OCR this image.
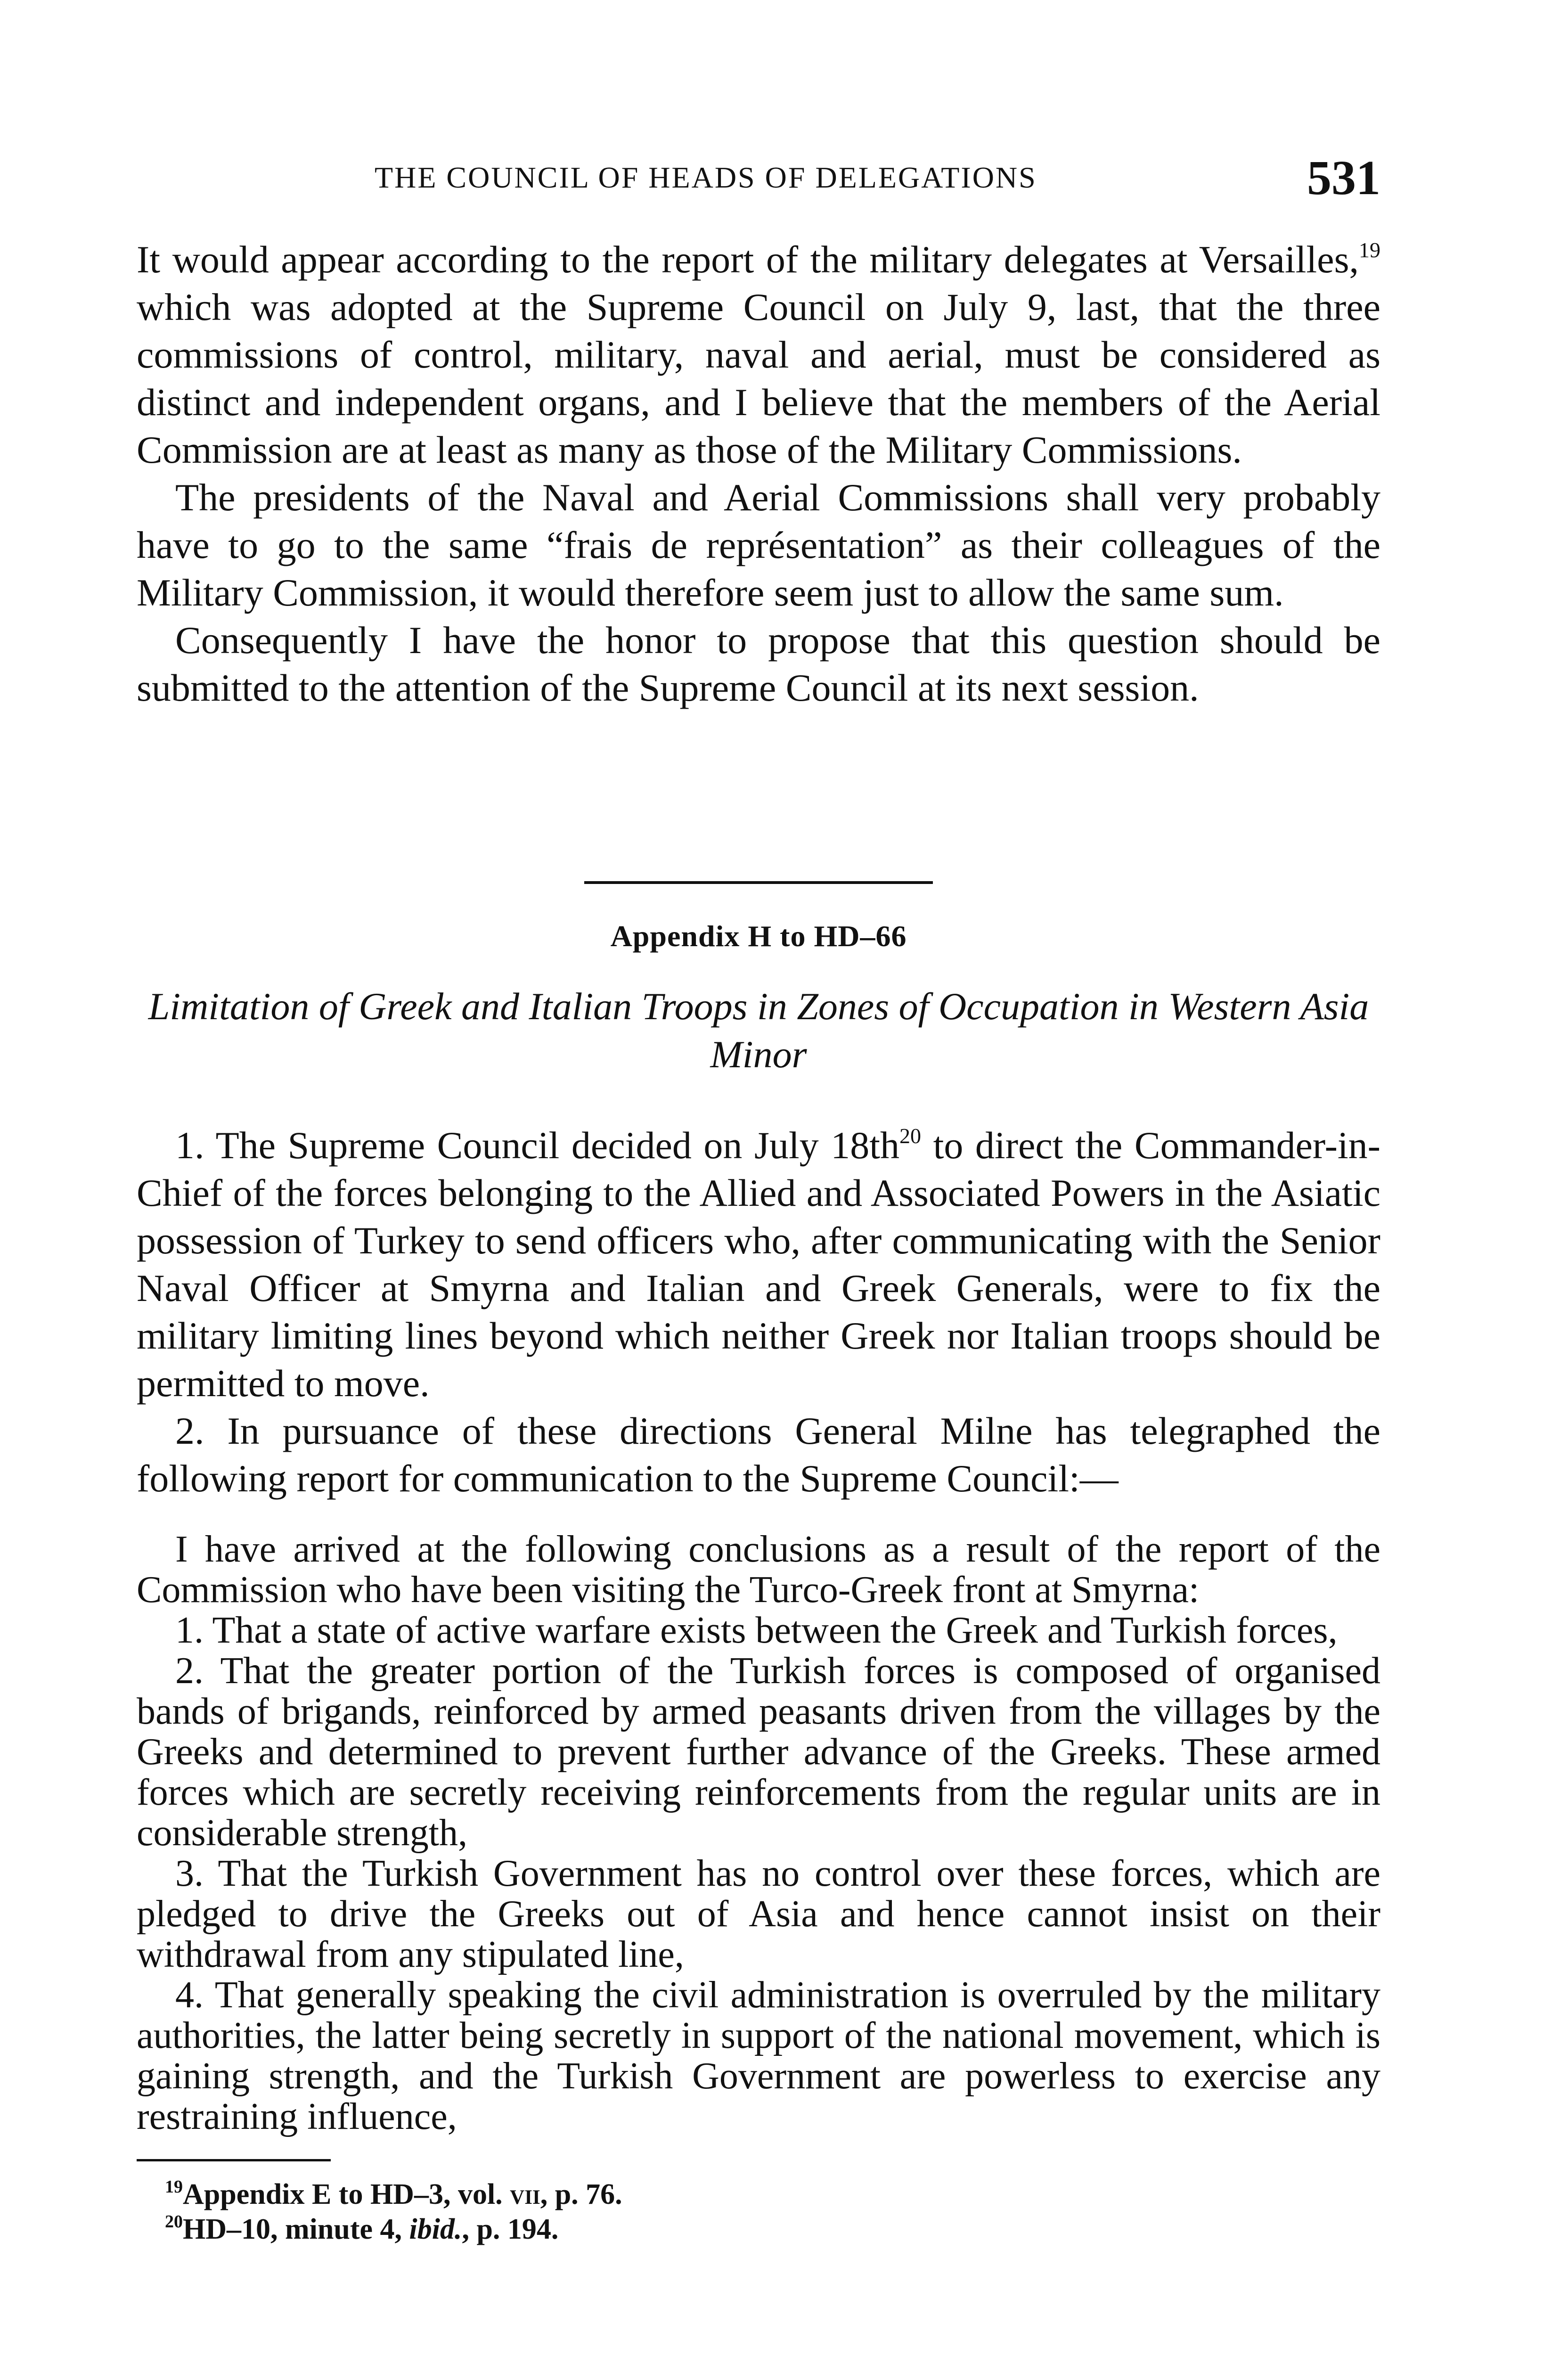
THE COUNCIL OF HEADS OF DELEGATIONS	531

It would appear according to the report of the military delegates at Versailles,$^{19}$ which was adopted at the Supreme Council on July 9, last, that the three commissions of control, military, naval and aerial, must be considered as distinct and independent organs, and I believe that the members of the Aerial Commission are at least as many as those of the Military Commissions.

The presidents of the Naval and Aerial Commissions shall very probably have to go to the same “frais de représentation” as their colleagues of the Military Commission, it would therefore seem just to allow the same sum.

Consequently I have the honor to propose that this question should be submitted to the attention of the Supreme Council at its next session.

Appendix H to HD–66
Limitation of Greek and Italian Troops in Zones of Occupation in Western Asia Minor

1. The Supreme Council decided on July $18th^{20}$ to direct the Commander-in-Chief of the forces belonging to the Allied and Associated Powers in the Asiatic possession of Turkey to send officers who, after communicating with the Senior Naval Officer at Smyrna and Italian and Greek Generals, were to fix the military limiting lines beyond which neither Greek nor Italian troops should be permitted to move.

2. In pursuance of these directions General Milne has telegraphed the following report for communication to the Supreme Council:—

I have arrived at the following conclusions as a result of the report of the Commission who have been visiting the Turco-Greek front at Smyrna:

1. That a state of active warfare exists between the Greek and Turkish forces,

2. That the greater portion of the Turkish forces is composed of organised bands of brigands, reinforced by armed peasants driven from the villages by the Greeks and determined to prevent further advance of the Greeks. These armed forces which are secretly receiving reinforcements from the regular units are in considerable strength,

3. That the Turkish Government has no control over these forces, which are pledged to drive the Greeks out of Asia and hence cannot insist on their withdrawal from any stipulated line,

4. That generally speaking the civil administration is overruled by the military authorities, the latter being secretly in support of the national movement, which is gaining strength, and the Turkish Government are powerless to exercise any restraining influence,

$^{19}$Appendix E to HD–3, vol. vii, p. 76.

$^{20}$HD–10, minute 4, ibid., p. 194.
